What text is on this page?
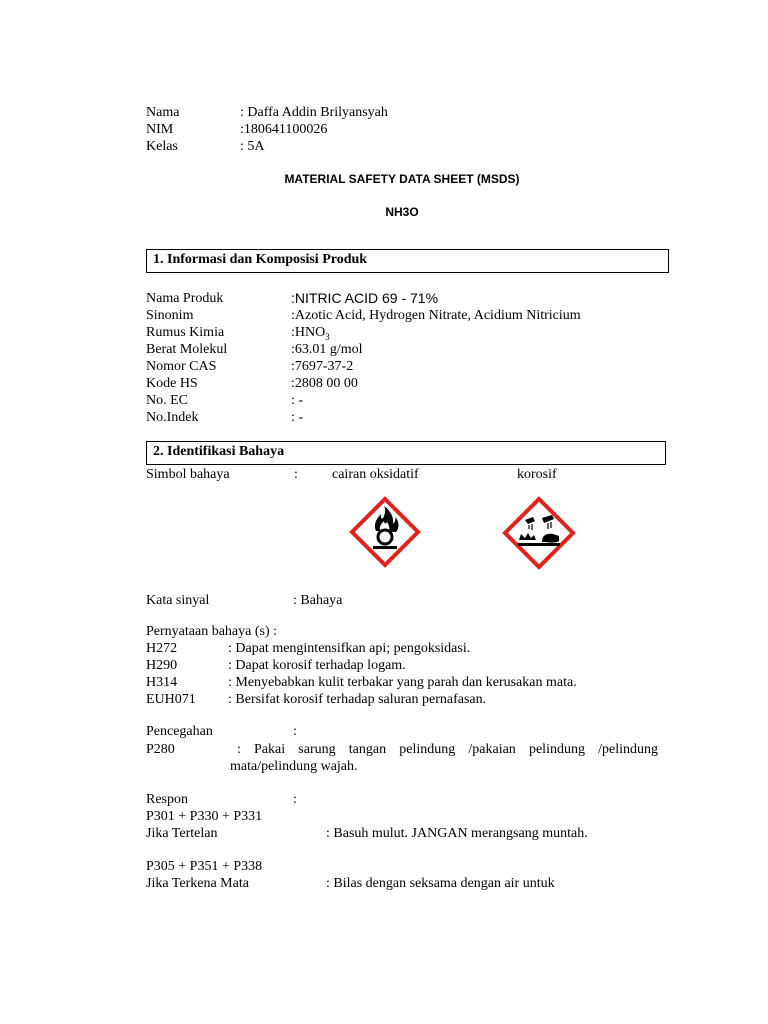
Nama	: Daffa Addin Brilyansyah
NIM	:180641100026
Kelas	: 5A
MATERIAL SAFETY DATA SHEET (MSDS)
NH3O
1. Informasi dan Komposisi Produk
Nama Produk	:NITRIC ACID 69 - 71%
Sinonim	:Azotic Acid, Hydrogen Nitrate, Acidium Nitricium
Rumus Kimia	$:HNO_3$
Berat Molekul	:63.01 g/mol
Nomor CAS	:7697-37-2
Kode HS	:2808 00 00
No. EC	: -
No.Indek	: -
2. Identifikasi Bahaya
Simbol bahaya	: cairan oksidatif	korosif
Kata sinyal	: Bahaya
Pernyataan bahaya (s) :
H272	: Dapat mengintensifkan api; pengoksidasi.
H290	: Dapat korosif terhadap logam.
H314	: Menyebabkan kulit terbakar yang parah dan kerusakan mata.
EUH071 : Bersifat korosif terhadap saluran pernafasan.
Pencegahan	:
P280	: Pakai sarung tangan pelindung /pakaian pelindung /pelindung mata/pelindung wajah.
Respon	:
P301 + P330 + P331
Jika Tertelan	: Basuh mulut. JANGAN merangsang muntah.
P305 + P351 + P338
Jika Terkena Mata	: Bilas dengan seksama dengan air untuk
